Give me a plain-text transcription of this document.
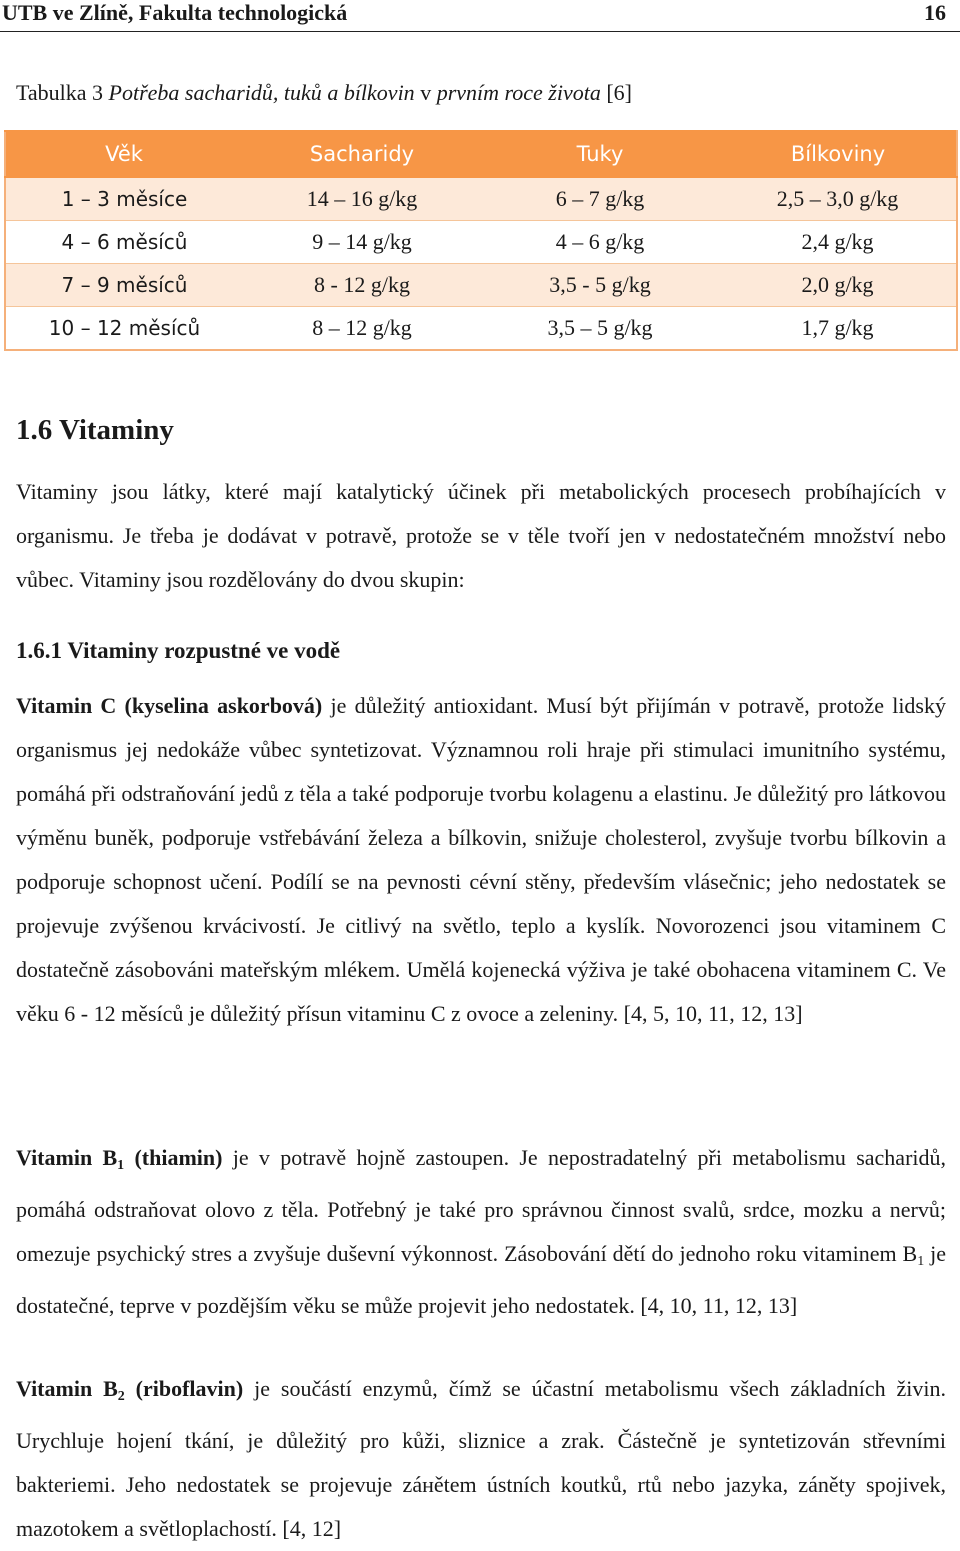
UTB ve Zlíně, Fakulta technologická	16
Tabulka 3 Potřeba sacharidů, tuků a bílkovin v prvním roce života [6]
Věk	Sacharidy	Tuky	Bílkoviny
1 – 3 měsíce	14 – 16 g/kg	6 – 7 g/kg	2,5 – 3,0 g/kg
4 – 6 měsíců	9 – 14 g/kg	4 – 6 g/kg	2,4 g/kg
7 – 9 měsíců	8 - 12 g/kg	3,5 - 5 g/kg	2,0 g/kg
10 – 12 měsíců	8 – 12 g/kg	3,5 – 5 g/kg	1,7 g/kg
1.6 Vitaminy

Vitaminy jsou látky, které mají katalytický účinek při metabolických procesech probíhajících v organismu. Je třeba je dodávat v potravě, protože se v těle tvoří jen v nedostatečném množství nebo vůbec. Vitaminy jsou rozdělovány do dvou skupin:

1.6.1 Vitaminy rozpustné ve vodě

Vitamin C (kyselina askorbová) je důležitý antioxidant. Musí být přijímán v potravě, protože lidský organismus jej nedokáže vůbec syntetizovat. Významnou roli hraje při stimulaci imunitního systému, pomáhá při odstraňování jedů z těla a také podporuje tvorbu kolagenu a elastinu. Je důležitý pro látkovou výměnu buněk, podporuje vstřebávání železa a bílkovin, snižuje cholesterol, zvyšuje tvorbu bílkovin a podporuje schopnost učení. Podílí se na pevnosti cévní stěny, především vlásečnic; jeho nedostatek se projevuje zvýšenou krvácivostí. Je citlivý na světlo, teplo a kyslík. Novorozenci jsou vitaminem C dostatečně zásobováni mateřským mlékem. Umělá kojenecká výživa je také obohacena vitaminem C. Ve věku 6 - 12 měsíců je důležitý přísun vitaminu C z ovoce a zeleniny. [4, 5, 10, 11, 12, 13]

Vitamin B1 (thiamin) je v potravě hojně zastoupen. Je nepostradatelný při metabolismu sacharidů, pomáhá odstraňovat olovo z těla. Potřebný je také pro správnou činnost svalů, srdce, mozku a nervů; omezuje psychický stres a zvyšuje duševní výkonnost. Zásobování dětí do jednoho roku vitaminem B1 je dostatečné, teprve v pozdějším věku se může projevit jeho nedostatek. [4, 10, 11, 12, 13]

Vitamin B2 (riboflavin) je součástí enzymů, čímž se účastní metabolismu všech základních živin. Urychluje hojení tkání, je důležitý pro kůži, sliznice a zrak. Částečně je syntetizován střevními bakteriemi. Jeho nedostatek se projevuje záнětem ústních koutků, rtů nebo jazyka, záněty spojivek, mazotokem a světloplachostí. [4, 12]
